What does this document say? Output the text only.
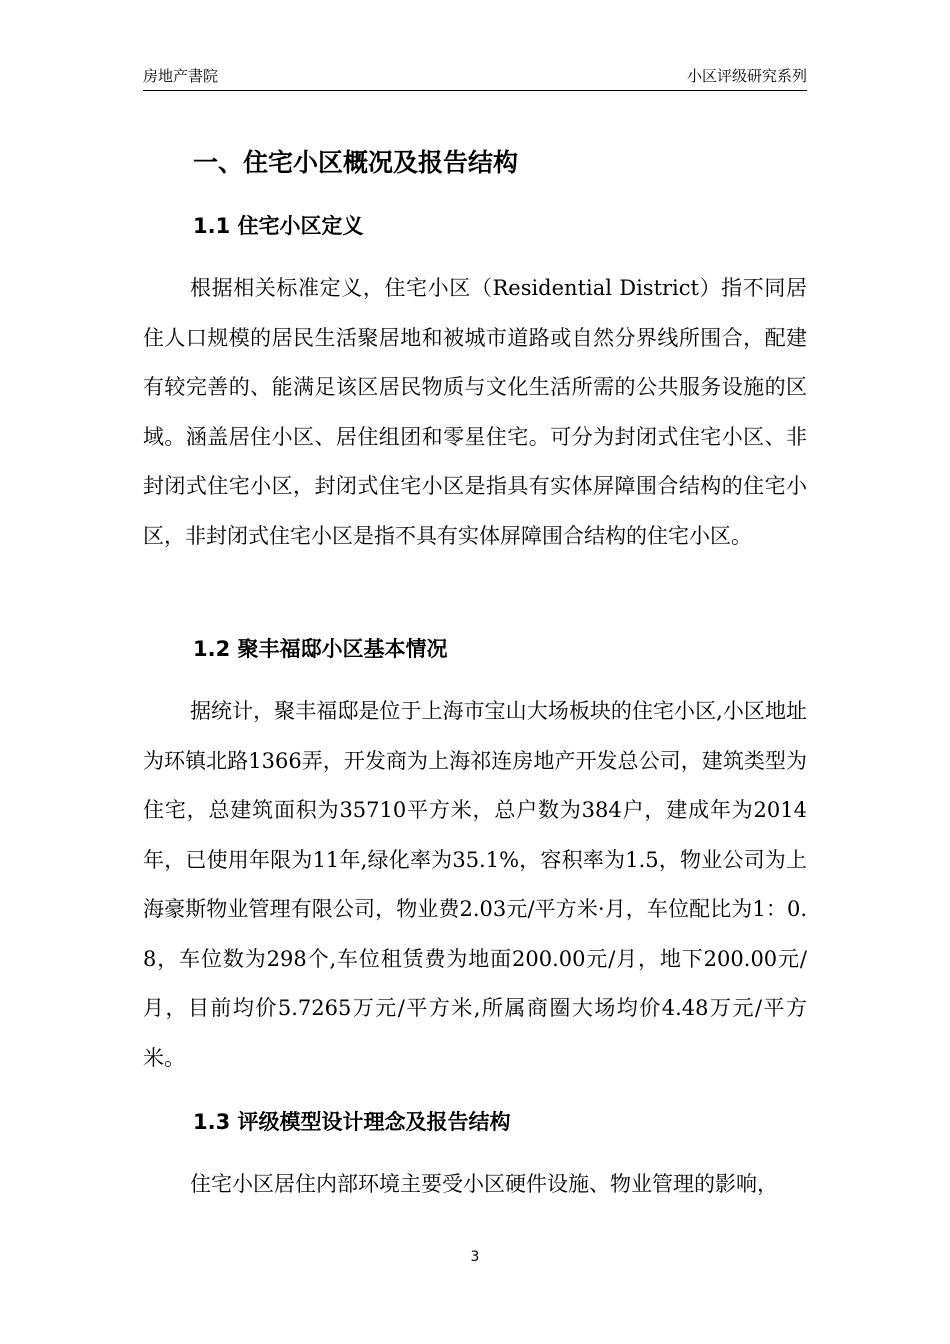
房地产書院	小区评级研究系列
一、住宅小区概况及报告结构
1.1 住宅小区定义

根据相关标准定义，住宅小区（Residential District）指不同居住人口规模的居民生活聚居地和被城市道路或自然分界线所围合，配建有较完善的、能满足该区居民物质与文化生活所需的公共服务设施的区域。涵盖居住小区、居住组团和零星住宅。可分为封闭式住宅小区、非封闭式住宅小区，封闭式住宅小区是指具有实体屏障围合结构的住宅小区，非封闭式住宅小区是指不具有实体屏障围合结构的住宅小区。

1.2 聚丰福邸小区基本情况

据统计，聚丰福邸是位于上海市宝山大场板块的住宅小区,小区地址为环镇北路1366弄，开发商为上海祁连房地产开发总公司，建筑类型为住宅，总建筑面积为35710平方米，总户数为384户，建成年为2014年，已使用年限为11年,绿化率为35.1%，容积率为1.5，物业公司为上海豪斯物业管理有限公司，物业费2.03元/平方米·月，车位配比为1：0.8，车位数为298个,车位租赁费为地面200.00元/月，地下200.00元/月，目前均价5.7265万元/平方米,所属商圈大场均价4.48万元/平方米。

1.3 评级模型设计理念及报告结构

住宅小区居住内部环境主要受小区硬件设施、物业管理的影响，

3
